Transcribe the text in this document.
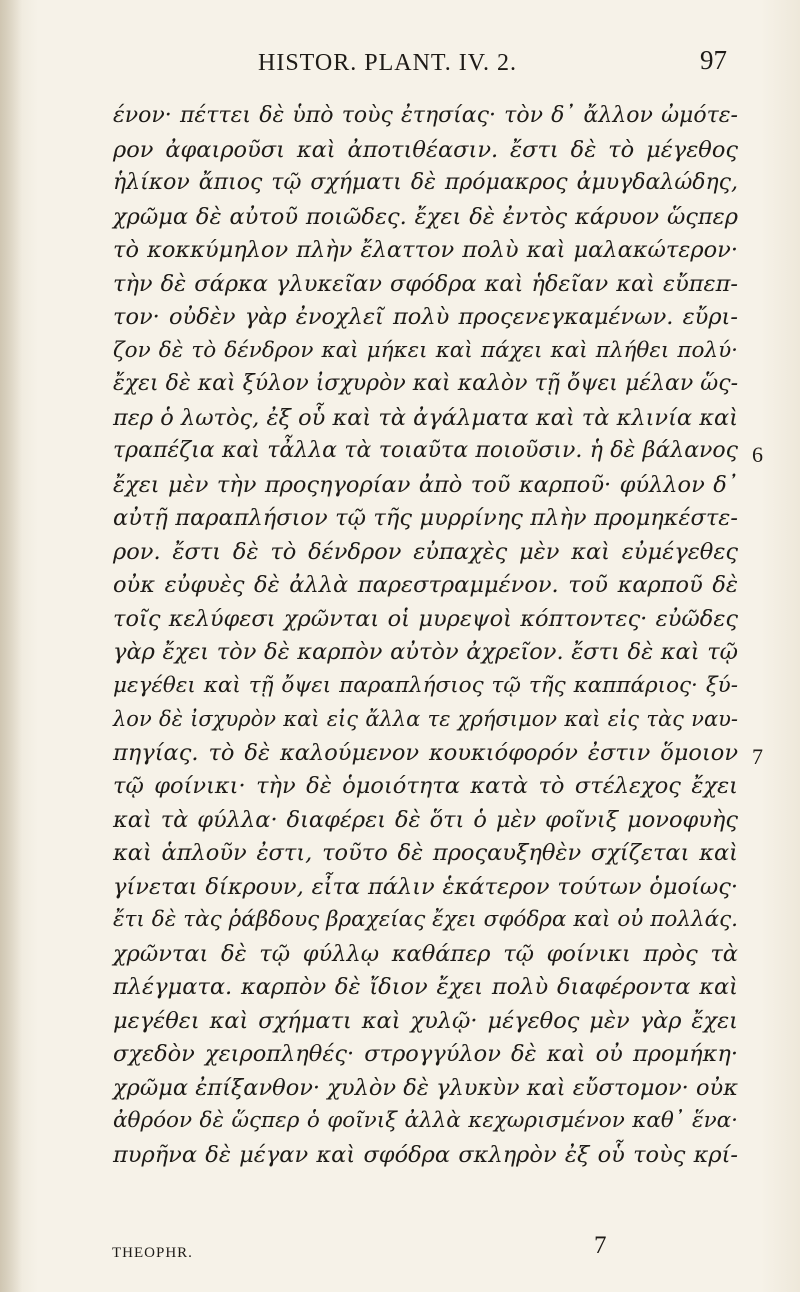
HISTOR. PLANT. IV. 2.	97
ένον· πέττει δὲ ὑπὸ τοὺς ἐτησίας· τὸν δ᾽ ἄλλον ὠμότε-
ρον ἀφαιροῦσι καὶ ἀποτιθέασιν. ἔστι δὲ τὸ μέγεθος
ἡλίκον ἄπιος τῷ σχήματι δὲ πρόμακρος ἀμυγδαλώδης,
χρῶμα δὲ αὐτοῦ ποιῶδες. ἔχει δὲ ἐντὸς κάρυον ὥςπερ
τὸ κοκκύμηλον πλὴν ἔλαττον πολὺ καὶ μαλακώτερον·
τὴν δὲ σάρκα γλυκεῖαν σφόδρα καὶ ἡδεῖαν καὶ εὔπεπ-
τον· οὐδὲν γὰρ ἐνοχλεῖ πολὺ προςενεγκαμένων. εὔρι-
ζον δὲ τὸ δένδρον καὶ μήκει καὶ πάχει καὶ πλήθει πολύ·
ἔχει δὲ καὶ ξύλον ἰσχυρὸν καὶ καλὸν τῇ ὄψει μέλαν ὥς-
περ ὁ λωτὸς, ἐξ οὗ καὶ τὰ ἀγάλματα καὶ τὰ κλινία καὶ
τραπέζια καὶ τἆλλα τὰ τοιαῦτα ποιοῦσιν. ἡ δὲ βάλανος
ἔχει μὲν τὴν προςηγορίαν ἀπὸ τοῦ καρποῦ· φύλλον δ᾽
αὐτῇ παραπλήσιον τῷ τῆς μυρρίνης πλὴν προμηκέστε-
ρον. ἔστι δὲ τὸ δένδρον εὐπαχὲς μὲν καὶ εὐμέγεθες
οὐκ εὐφυὲς δὲ ἀλλὰ παρεστραμμένον. τοῦ καρποῦ δὲ
τοῖς κελύφεσι χρῶνται οἱ μυρεψοὶ κόπτοντες· εὐῶδες
γὰρ ἔχει τὸν δὲ καρπὸν αὐτὸν ἀχρεῖον. ἔστι δὲ καὶ τῷ
μεγέθει καὶ τῇ ὄψει παραπλήσιος τῷ τῆς καππάριος· ξύ-
λον δὲ ἰσχυρὸν καὶ εἰς ἄλλα τε χρήσιμον καὶ εἰς τὰς ναυ-
πηγίας. τὸ δὲ καλούμενον κουκιόφορόν ἐστιν ὅμοιον
τῷ φοίνικι· τὴν δὲ ὁμοιότητα κατὰ τὸ στέλεχος ἔχει
καὶ τὰ φύλλα· διαφέρει δὲ ὅτι ὁ μὲν φοῖνιξ μονοφυὴς
καὶ ἁπλοῦν ἐστι, τοῦτο δὲ προςαυξηθὲν σχίζεται καὶ
γίνεται δίκρουν, εἶτα πάλιν ἑκάτερον τούτων ὁμοίως·
ἔτι δὲ τὰς ῥάβδους βραχείας ἔχει σφόδρα καὶ οὐ πολλάς.
χρῶνται δὲ τῷ φύλλῳ καθάπερ τῷ φοίνικι πρὸς τὰ
πλέγματα. καρπὸν δὲ ἴδιον ἔχει πολὺ διαφέροντα καὶ
μεγέθει καὶ σχήματι καὶ χυλῷ· μέγεθος μὲν γὰρ ἔχει
σχεδὸν χειροπληθές· στρογγύλον δὲ καὶ οὐ προμήκη·
χρῶμα ἐπίξανθον· χυλὸν δὲ γλυκὺν καὶ εὔστομον· οὐκ
ἀθρόον δὲ ὥςπερ ὁ φοῖνιξ ἀλλὰ κεχωρισμένον καθ᾽ ἕνα·
πυρῆνα δὲ μέγαν καὶ σφόδρα σκληρὸν ἐξ οὗ τοὺς κρί-
6
7
THEOPHR.	7
